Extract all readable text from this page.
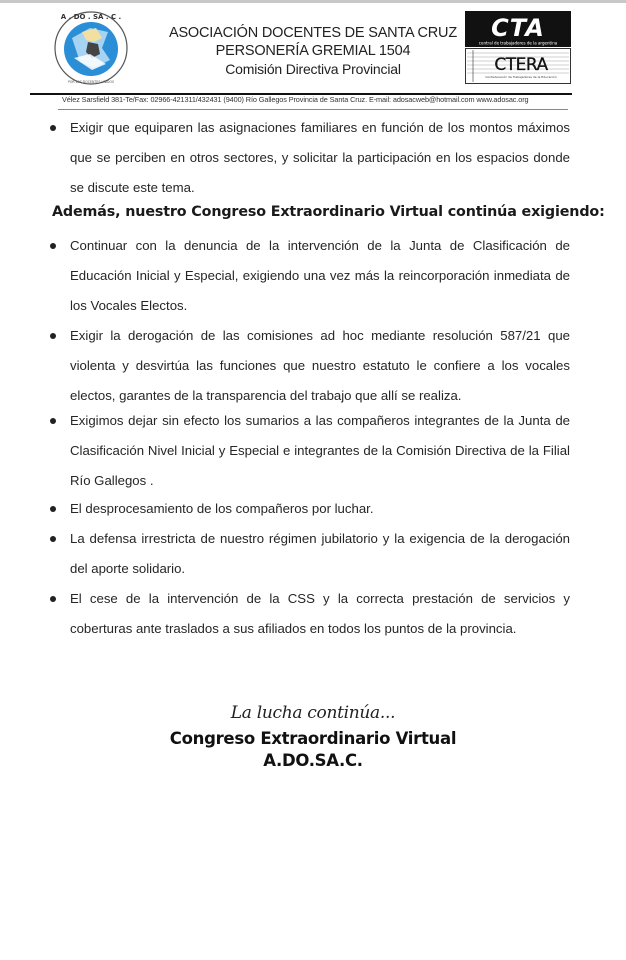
A . DO . SA . C .
POR LOS DOCENTES UNIDOS
ASOCIACIÓN DOCENTES DE SANTA CRUZ
PERSONERÍA GREMIAL 1504
Comisión Directiva Provincial
CTA
central de trabajadores de la argentina
CTERA
Confederación de Trabajadores de la Educación
Vélez Sarsfield 381-Te/Fax: 02966-421311/432431 (9400) Río Gallegos Provincia de Santa Cruz. E-mail: adosacweb@hotmail.com www.adosac.org
Exigir que equiparen las asignaciones familiares en función de los montos máximos que se perciben en otros sectores, y solicitar la participación en los espacios donde se discute este tema.
Además, nuestro Congreso Extraordinario Virtual continúa exigiendo:
Continuar con la denuncia de la intervención de la Junta de Clasificación de Educación Inicial y Especial, exigiendo una vez más la reincorporación inmediata de los Vocales Electos.
Exigir la derogación de las comisiones ad hoc mediante resolución 587/21 que violenta y desvirtúa las funciones que nuestro estatuto le confiere a los vocales electos, garantes de la transparencia del trabajo que allí se realiza.
Exigimos dejar sin efecto los sumarios a las compañeros integrantes de la Junta de Clasificación Nivel Inicial y Especial e integrantes de la Comisión Directiva de la Filial Río Gallegos .
El desprocesamiento de los compañeros por luchar.
La defensa irrestricta de nuestro régimen jubilatorio y la exigencia de la derogación del aporte solidario.
El cese de la intervención de la CSS y la correcta prestación de servicios y coberturas ante traslados a sus afiliados en todos los puntos de la provincia.
La lucha continúa...
Congreso Extraordinario Virtual
A.DO.SA.C.
